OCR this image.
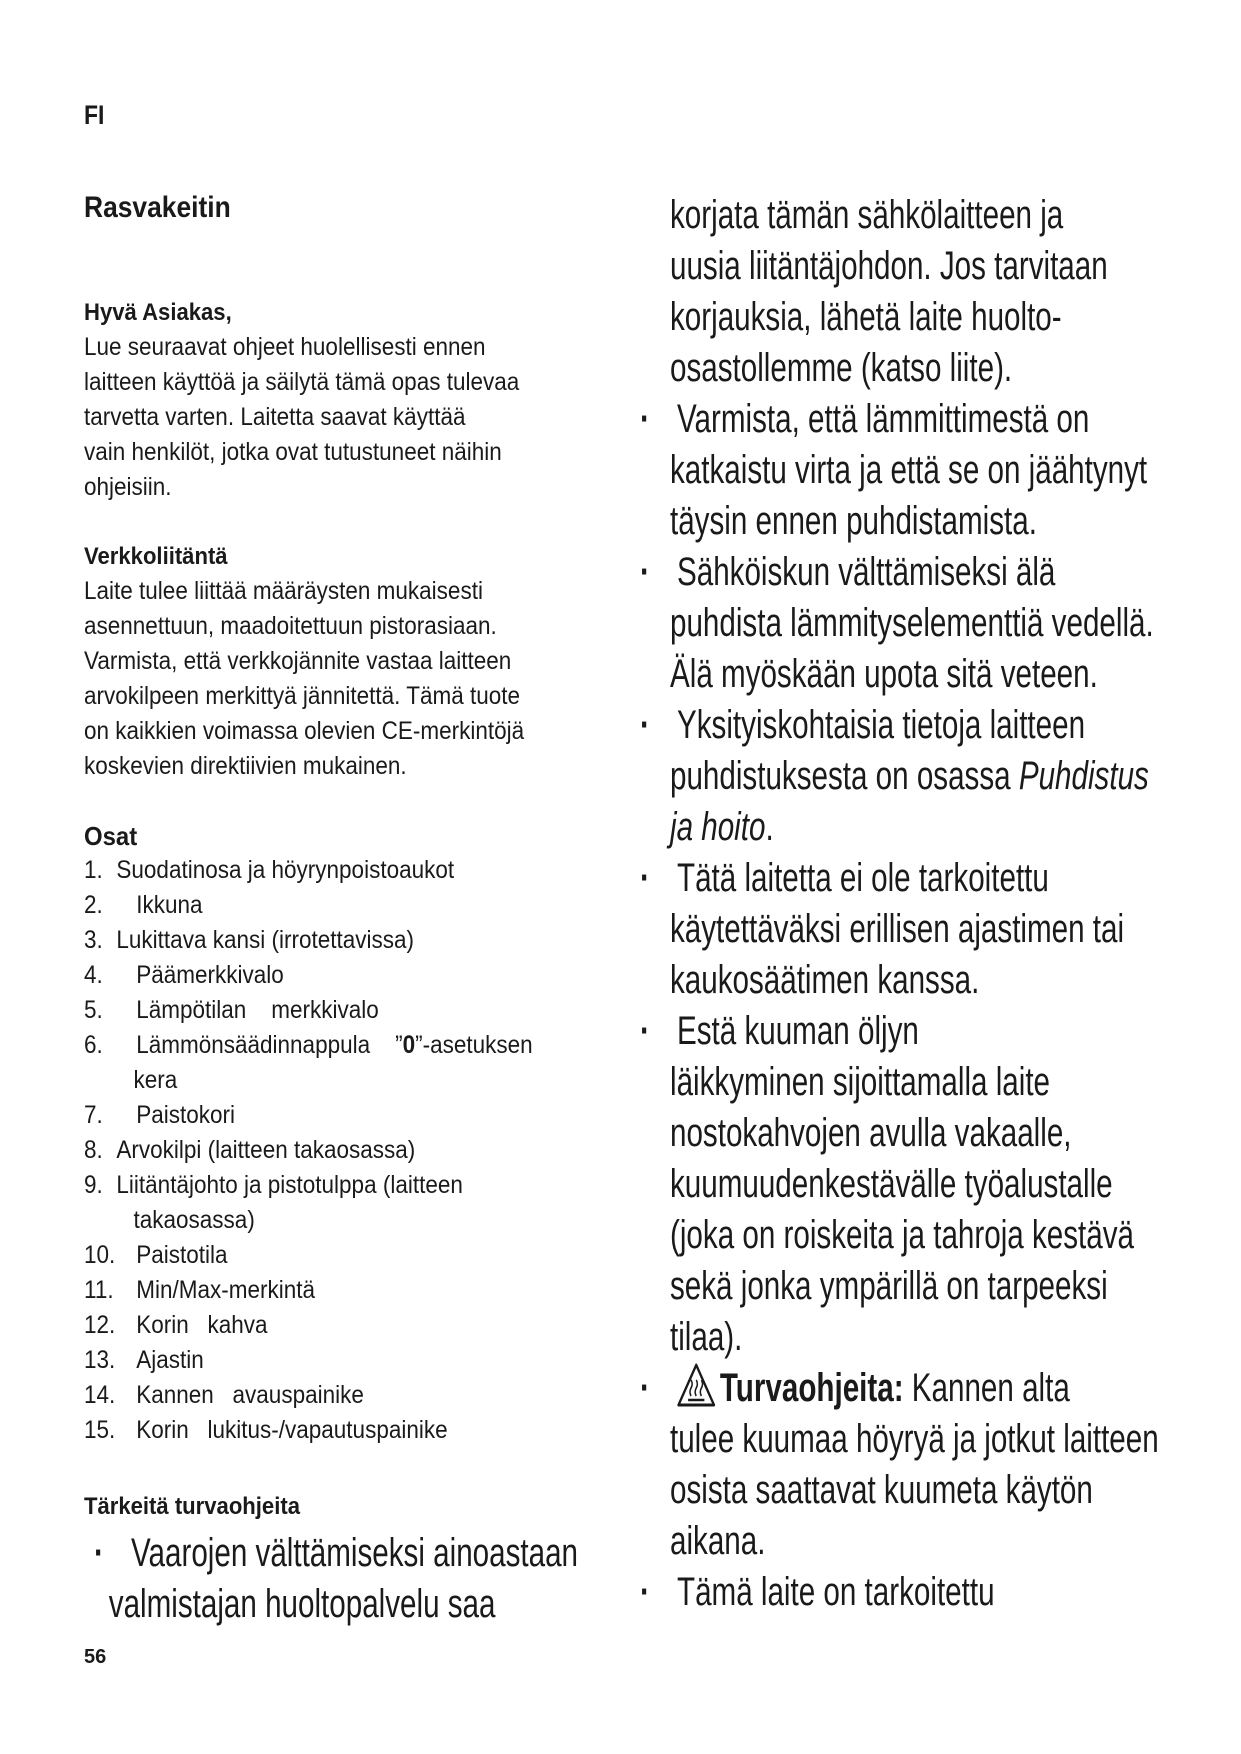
FI
Rasvakeitin
Hyvä Asiakas,

Lue seuraavat ohjeet huolellisesti ennen
laitteen käyttöä ja säilytä tämä opas tulevaa
tarvetta varten. Laitetta saavat käyttää
vain henkilöt, jotka ovat tutustuneet näihin
ohjeisiin.

Verkkoliitäntä

Laite tulee liittää määräysten mukaisesti
asennettuun, maadoitettuun pistorasiaan.
Varmista, että verkkojännite vastaa laitteen
arvokilpeen merkittyä jännitettä. Tämä tuote
on kaikkien voimassa olevien CE-merkintöjä
koskevien direktiivien mukainen.

Osat
1. Suodatinosa ja höyrynpoistoaukot
2. Ikkuna
3. Lukittava kansi (irrotettavissa)
4. Päämerkkivalo
5. Lämpötilan    merkkivalo
6. Lämmönsäädinnappula    ”0”-asetuksen
kera
7. Paistokori
8. Arvokilpi (laitteen takaosassa)
9. Liitäntäjohto ja pistotulppa (laitteen
takaosassa)
10. Paistotila
11. Min/Max-merkintä
12. Korin   kahva
13. Ajastin
14. Kannen   avauspainike
15. Korin   lukitus-/vapautuspainike
Tärkeitä turvaohjeita
· Vaarojen välttämiseksi ainoastaan
valmistajan huoltopalvelu saa
korjata tämän sähkölaitteen ja
uusia liitäntäjohdon. Jos tarvitaan
korjauksia, lähetä laite huolto-
osastollemme (katso liite).
· Varmista, että lämmittimestä on
katkaistu virta ja että se on jäähtynyt
täysin ennen puhdistamista.
· Sähköiskun välttämiseksi älä
puhdista lämmityselementtiä vedellä.
Älä myöskään upota sitä veteen.
· Yksityiskohtaisia tietoja laitteen
puhdistuksesta on osassa Puhdistus
ja hoito.
· Tätä laitetta ei ole tarkoitettu
käytettäväksi erillisen ajastimen tai
kaukosäätimen kanssa.
· Estä kuuman öljyn
läikkyminen sijoittamalla laite
nostokahvojen avulla vakaalle,
kuumuudenkestävälle työalustalle
(joka on roiskeita ja tahroja kestävä
sekä jonka ympärillä on tarpeeksi
tilaa).
· Turvaohjeita: Kannen alta
tulee kuumaa höyryä ja jotkut laitteen
osista saattavat kuumeta käytön
aikana.
· Tämä laite on tarkoitettu
56
